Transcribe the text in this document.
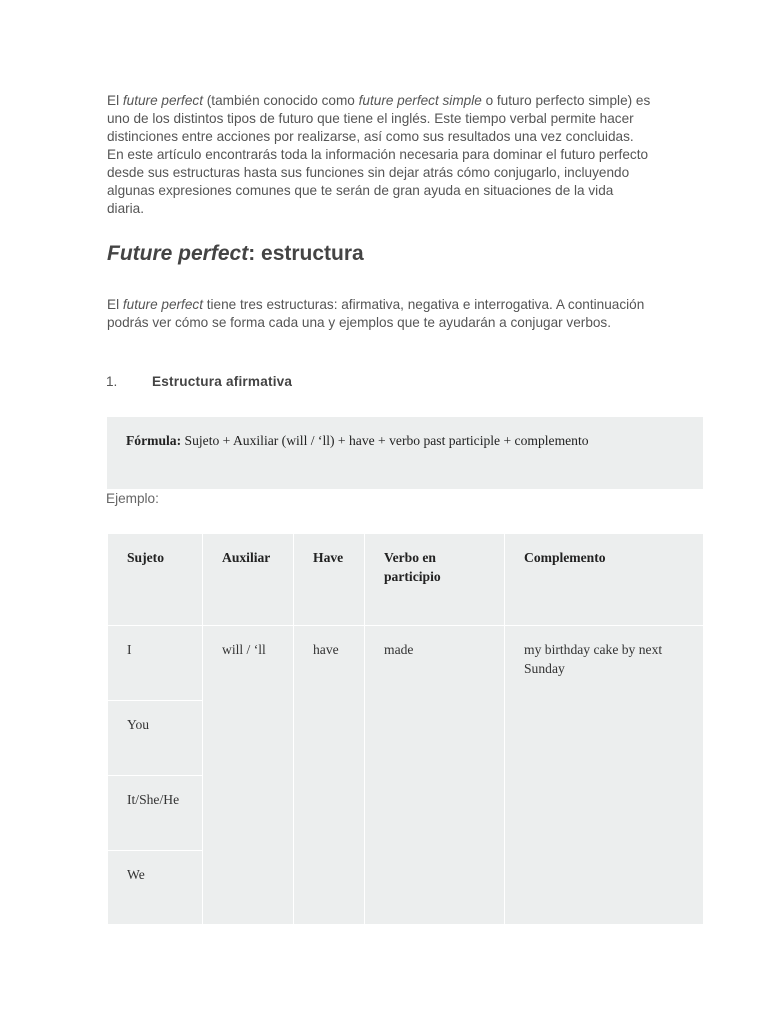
El future perfect (también conocido como future perfect simple o futuro perfecto simple) es uno de los distintos tipos de futuro que tiene el inglés. Este tiempo verbal permite hacer distinciones entre acciones por realizarse, así como sus resultados una vez concluidas. En este artículo encontrarás toda la información necesaria para dominar el futuro perfecto desde sus estructuras hasta sus funciones sin dejar atrás cómo conjugarlo, incluyendo algunas expresiones comunes que te serán de gran ayuda en situaciones de la vida diaria.

Future perfect: estructura

El future perfect tiene tres estructuras: afirmativa, negativa e interrogativa. A continuación podrás ver cómo se forma cada una y ejemplos que te ayudarán a conjugar verbos.

1.	Estructura afirmativa
Fórmula: Sujeto + Auxiliar (will / ‘ll) + have + verbo past participle + complemento
Ejemplo:
Sujeto	Auxiliar	Have	Verbo en participio	Complemento
I	will / ‘ll	have	made	my birthday cake by next Sunday
You				
It/She/He				
We				
